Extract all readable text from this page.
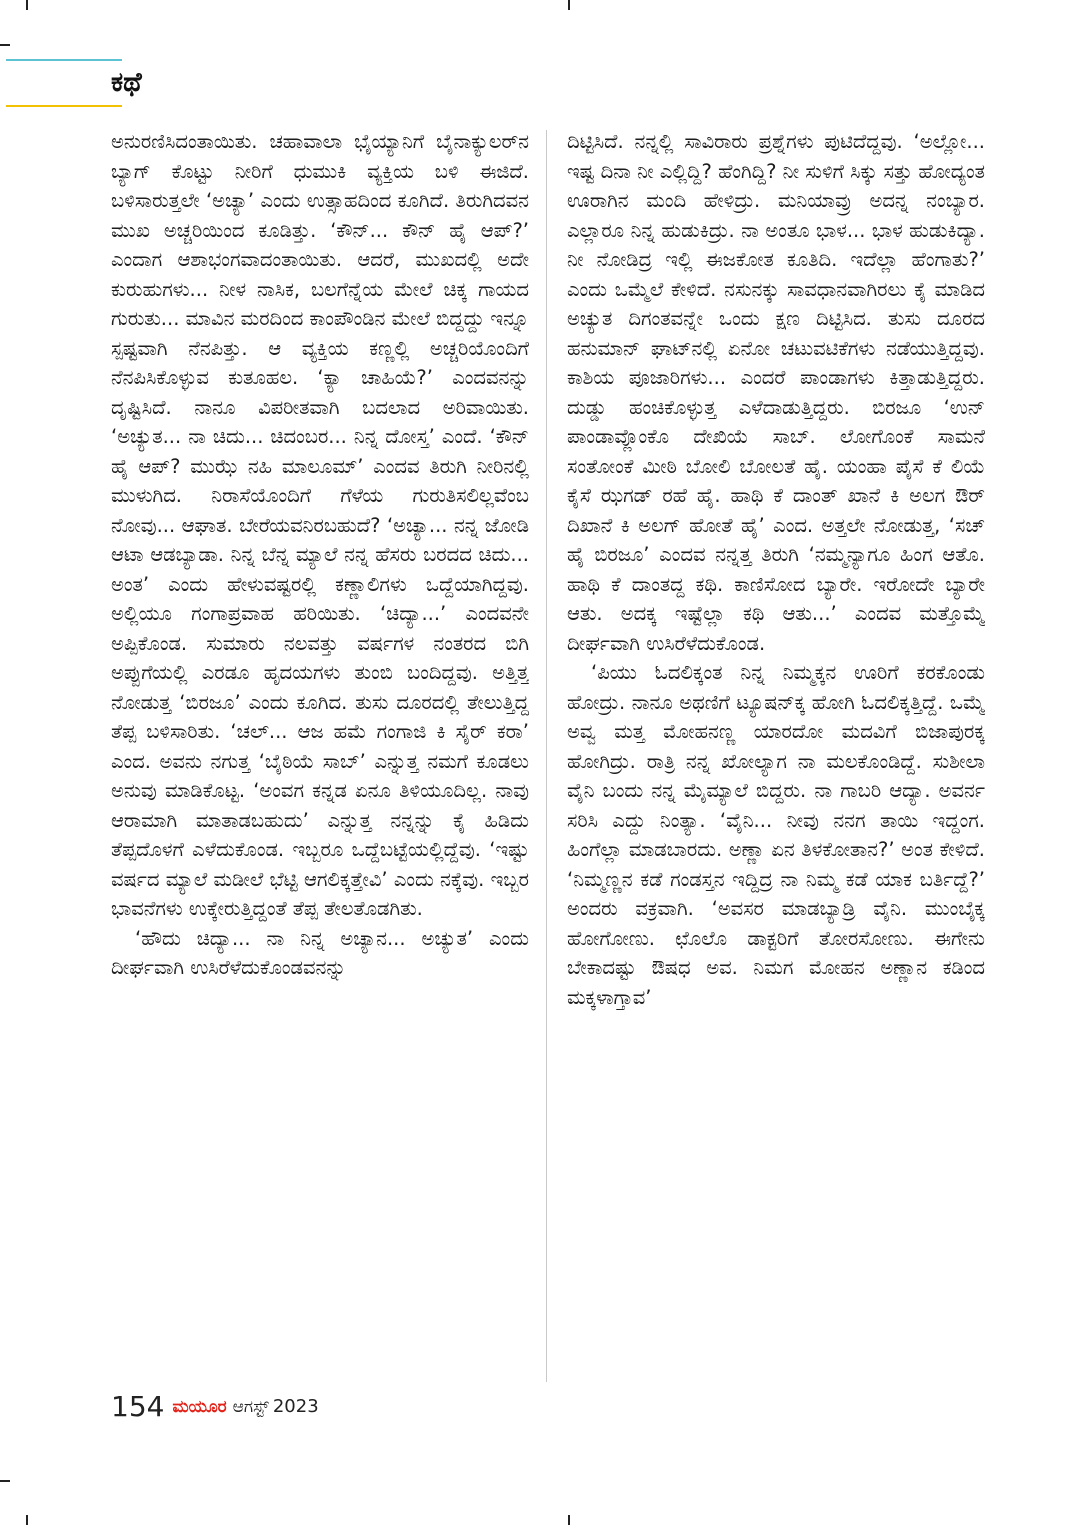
ಕಥೆ

ಅನುರಣಿಸಿದಂತಾಯಿತು. ಚಹಾವಾಲಾ ಭೈಯ್ಯಾನಿಗೆ ಬೈನಾಕ್ಯುಲರ್‌ನ ಬ್ಯಾಗ್ ಕೊಟ್ಟು ನೀರಿಗೆ ಧುಮುಕಿ ವ್ಯಕ್ತಿಯ ಬಳಿ ಈಜಿದೆ. ಬಳಿಸಾರುತ್ತಲೇ ‘ಅಚ್ಯಾ’ ಎಂದು ಉತ್ಸಾಹದಿಂದ ಕೂಗಿದೆ. ತಿರುಗಿದವನ ಮುಖ ಅಚ್ಚರಿಯಿಂದ ಕೂಡಿತ್ತು. ‘ಕೌನ್... ಕೌನ್ ಹೈ ಆಪ್?’ ಎಂದಾಗ ಆಶಾಭಂಗವಾದಂತಾಯಿತು. ಆದರೆ, ಮುಖದಲ್ಲಿ ಅದೇ ಕುರುಹುಗಳು... ನೀಳ ನಾಸಿಕ, ಬಲಗೆನ್ನೆಯ ಮೇಲೆ ಚಿಕ್ಕ ಗಾಯದ ಗುರುತು... ಮಾವಿನ ಮರದಿಂದ ಕಾಂಪೌಂಡಿನ ಮೇಲೆ ಬಿದ್ದದ್ದು ಇನ್ನೂ ಸ್ಪಷ್ಟವಾಗಿ ನೆನಪಿತ್ತು. ಆ ವ್ಯಕ್ತಿಯ ಕಣ್ಣಲ್ಲಿ ಅಚ್ಚರಿಯೊಂದಿಗೆ ನೆನಪಿಸಿಕೊಳ್ಳುವ ಕುತೂಹಲ. ‘ಕ್ಯಾ ಚಾಹಿಯೆ?’ ಎಂದವನನ್ನು ದೃಷ್ಟಿಸಿದೆ. ನಾನೂ ವಿಪರೀತವಾಗಿ ಬದಲಾದ ಅರಿವಾಯಿತು. ‘ಅಚ್ಯುತ... ನಾ ಚಿದು... ಚಿದಂಬರ... ನಿನ್ನ ದೋಸ್ತ’ ಎಂದೆ. ‘ಕೌನ್ ಹೈ ಆಪ್? ಮುಝೆ ನಹಿ ಮಾಲೂಮ್’ ಎಂದವ ತಿರುಗಿ ನೀರಿನಲ್ಲಿ ಮುಳುಗಿದ. ನಿರಾಸೆಯೊಂದಿಗೆ ಗೆಳೆಯ ಗುರುತಿಸಲಿಲ್ಲವೆಂಬ ನೋವು... ಆಘಾತ. ಬೇರೆಯವನಿರಬಹುದೆ? ‘ಅಚ್ಯಾ... ನನ್ನ ಜೋಡಿ ಆಟಾ ಆಡಬ್ಯಾಡಾ. ನಿನ್ನ ಬೆನ್ನ ಮ್ಯಾಲೆ ನನ್ನ ಹೆಸರು ಬರದದ ಚಿದು... ಅಂತ’ ಎಂದು ಹೇಳುವಷ್ಟರಲ್ಲಿ ಕಣ್ಣಾಲಿಗಳು ಒದ್ದೆಯಾಗಿದ್ದವು. ಅಲ್ಲಿಯೂ ಗಂಗಾಪ್ರವಾಹ ಹರಿಯಿತು. ‘ಚಿದ್ಯಾ...’ ಎಂದವನೇ ಅಪ್ಪಿಕೊಂಡ. ಸುಮಾರು ನಲವತ್ತು ವರ್ಷಗಳ ನಂತರದ ಬಿಗಿ ಅಪ್ಪುಗೆಯಲ್ಲಿ ಎರಡೂ ಹೃದಯಗಳು ತುಂಬಿ ಬಂದಿದ್ದವು. ಅತ್ತಿತ್ತ ನೋಡುತ್ತ ‘ಬಿರಜೂ’ ಎಂದು ಕೂಗಿದ. ತುಸು ದೂರದಲ್ಲಿ ತೇಲುತ್ತಿದ್ದ ತೆಪ್ಪ ಬಳಿಸಾರಿತು. ‘ಚಲ್... ಆಜ ಹಮೆ ಗಂಗಾಜಿ ಕಿ ಸೈರ್ ಕರಾ’ ಎಂದ. ಅವನು ನಗುತ್ತ ‘ಬೈಠಿಯೆ ಸಾಬ್’ ಎನ್ನುತ್ತ ನಮಗೆ ಕೂಡಲು ಅನುವು ಮಾಡಿಕೊಟ್ಟ. ‘ಅಂವಗ ಕನ್ನಡ ಏನೂ ತಿಳಿಯೂದಿಲ್ಲ. ನಾವು ಆರಾಮಾಗಿ ಮಾತಾಡಬಹುದು’ ಎನ್ನುತ್ತ ನನ್ನನ್ನು ಕೈ ಹಿಡಿದು ತೆಪ್ಪದೊಳಗೆ ಎಳೆದುಕೊಂಡ. ಇಬ್ಬರೂ ಒದ್ದೆಬಟ್ಟೆಯಲ್ಲಿದ್ದೆವು. ‘ಇಷ್ಟು ವರ್ಷದ ಮ್ಯಾಲೆ ಮಡೀಲೆ ಭೆಟ್ಟಿ ಆಗಲಿಕ್ಕತ್ತೇವಿ’ ಎಂದು ನಕ್ಕೆವು. ಇಬ್ಬರ ಭಾವನೆಗಳು ಉಕ್ಕೇರುತ್ತಿದ್ದಂತೆ ತೆಪ್ಪ ತೇಲತೊಡಗಿತು.

‘ಹೌದು ಚಿದ್ಯಾ... ನಾ ನಿನ್ನ ಅಚ್ಯಾನ... ಅಚ್ಯುತ’ ಎಂದು ದೀರ್ಘವಾಗಿ ಉಸಿರೆಳೆದುಕೊಂಡವನನ್ನು

ದಿಟ್ಟಿಸಿದೆ. ನನ್ನಲ್ಲಿ ಸಾವಿರಾರು ಪ್ರಶ್ನೆಗಳು ಪುಟಿದೆದ್ದವು. ‘ಅಲ್ಲೋ... ಇಷ್ಟ ದಿನಾ ನೀ ಎಲ್ಲಿದ್ದಿ? ಹೆಂಗಿದ್ದಿ? ನೀ ಸುಳಿಗೆ ಸಿಕ್ಕು ಸತ್ತು ಹೋದ್ಯಂತ ಊರಾಗಿನ ಮಂದಿ ಹೇಳಿದ್ರು. ಮನಿಯಾವ್ರು ಅದನ್ನ ನಂಬ್ಯಾರ. ಎಲ್ಲಾರೂ ನಿನ್ನ ಹುಡುಕಿದ್ರು. ನಾ ಅಂತೂ ಭಾಳ... ಭಾಳ ಹುಡುಕಿದ್ಯಾ. ನೀ ನೋಡಿದ್ರ ಇಲ್ಲಿ ಈಜಕೋತ ಕೂತಿದಿ. ಇದೆಲ್ಲಾ ಹೆಂಗಾತು?’ ಎಂದು ಒಮ್ಮೆಲೆ ಕೇಳಿದೆ. ನಸುನಕ್ಕು ಸಾವಧಾನವಾಗಿರಲು ಕೈ ಮಾಡಿದ ಅಚ್ಯುತ ದಿಗಂತವನ್ನೇ ಒಂದು ಕ್ಷಣ ದಿಟ್ಟಿಸಿದ. ತುಸು ದೂರದ ಹನುಮಾನ್ ಘಾಟ್‌ನಲ್ಲಿ ಏನೋ ಚಟುವಟಿಕೆಗಳು ನಡೆಯುತ್ತಿದ್ದವು. ಕಾಶಿಯ ಪೂಜಾರಿಗಳು... ಎಂದರೆ ಪಾಂಡಾಗಳು ಕಿತ್ತಾಡುತ್ತಿದ್ದರು. ದುಡ್ಡು ಹಂಚಿಕೊಳ್ಳುತ್ತ ಎಳೆದಾಡುತ್ತಿದ್ದರು. ಬಿರಜೂ ‘ಉನ್ ಪಾಂಡಾವ್ಲೊಂಕೊ ದೇಖಿಯೆ ಸಾಬ್. ಲೋಗೊಂಕೆ ಸಾಮನೆ ಸಂತೋಂಕೆ ಮೀಠಿ ಬೋಲಿ ಬೋಲತೆ ಹೈ. ಯಂಹಾ ಪೈಸೆ ಕೆ ಲಿಯೆ ಕೈಸೆ ಝಗಡ್ ರಹೆ ಹೈ. ಹಾಥಿ ಕೆ ದಾಂತ್ ಖಾನೆ ಕಿ ಅಲಗ ಔರ್ ದಿಖಾನೆ ಕಿ ಅಲಗ್ ಹೋತೆ ಹೈ’ ಎಂದ. ಅತ್ತಲೇ ನೋಡುತ್ತ, ‘ಸಚ್ ಹೈ ಬಿರಜೂ’ ಎಂದವ ನನ್ನತ್ತ ತಿರುಗಿ ‘ನಮ್ಮನ್ಯಾಗೂ ಹಿಂಗ ಆತೊ. ಹಾಥಿ ಕೆ ದಾಂತದ್ದ ಕಥಿ. ಕಾಣಿಸೋದ ಬ್ಯಾರೇ. ಇರೋದೇ ಬ್ಯಾರೇ ಆತು. ಅದಕ್ಕ ಇಷ್ಟೆಲ್ಲಾ ಕಥಿ ಆತು...’ ಎಂದವ ಮತ್ತೊಮ್ಮೆ ದೀರ್ಘವಾಗಿ ಉಸಿರೆಳೆದುಕೊಂಡ.

‘ಪಿಯು ಓದಲಿಕ್ಕಂತ ನಿನ್ನ ನಿಮ್ಮಕ್ಕನ ಊರಿಗೆ ಕರಕೊಂಡು ಹೋದ್ರು. ನಾನೂ ಅಥಣಿಗೆ ಟ್ಯೂಷನ್‌ಕ್ಕ ಹೋಗಿ ಓದಲಿಕ್ಕತ್ತಿದ್ದೆ. ಒಮ್ಮೆ ಅವ್ವ ಮತ್ತ ಮೋಹನಣ್ಣ ಯಾರದೋ ಮದವಿಗೆ ಬಿಜಾಪುರಕ್ಕ ಹೋಗಿದ್ರು. ರಾತ್ರಿ ನನ್ನ ಖೋಲ್ಯಾಗ ನಾ ಮಲಕೊಂಡಿದ್ದೆ. ಸುಶೀಲಾ ವೈನಿ ಬಂದು ನನ್ನ ಮೈಮ್ಯಾಲೆ ಬಿದ್ದರು. ನಾ ಗಾಬರಿ ಆದ್ಯಾ. ಅವರ್ನ ಸರಿಸಿ ಎದ್ದು ನಿಂತ್ಯಾ. ‘ವೈನಿ... ನೀವು ನನಗ ತಾಯಿ ಇದ್ದಂಗ. ಹಿಂಗೆಲ್ಲಾ ಮಾಡಬಾರದು. ಅಣ್ಣಾ ಏನ ತಿಳಕೋತಾನ?’ ಅಂತ ಕೇಳಿದೆ. ‘ನಿಮ್ಮಣ್ಣನ ಕಡೆ ಗಂಡಸ್ತನ ಇದ್ದಿದ್ರ ನಾ ನಿಮ್ಮ ಕಡೆ ಯಾಕ ಬರ್ತಿದ್ದೆ?’ ಅಂದರು ವಕ್ರವಾಗಿ. ‘ಅವಸರ ಮಾಡಬ್ಯಾಡ್ರಿ ವೈನಿ. ಮುಂಬೈಕ್ಕ ಹೋಗೋಣು. ಛೊಲೊ ಡಾಕ್ಟರಿಗೆ ತೋರಸೋಣು. ಈಗೇನು ಬೇಕಾದಷ್ಟು ಔಷಧ ಅವ. ನಿಮಗ ಮೋಹನ ಅಣ್ಣಾನ ಕಡಿಂದ ಮಕ್ಕಳಾಗ್ತಾವ’

154 ಮಯೂರ ಆಗಸ್ಟ್ 2023
